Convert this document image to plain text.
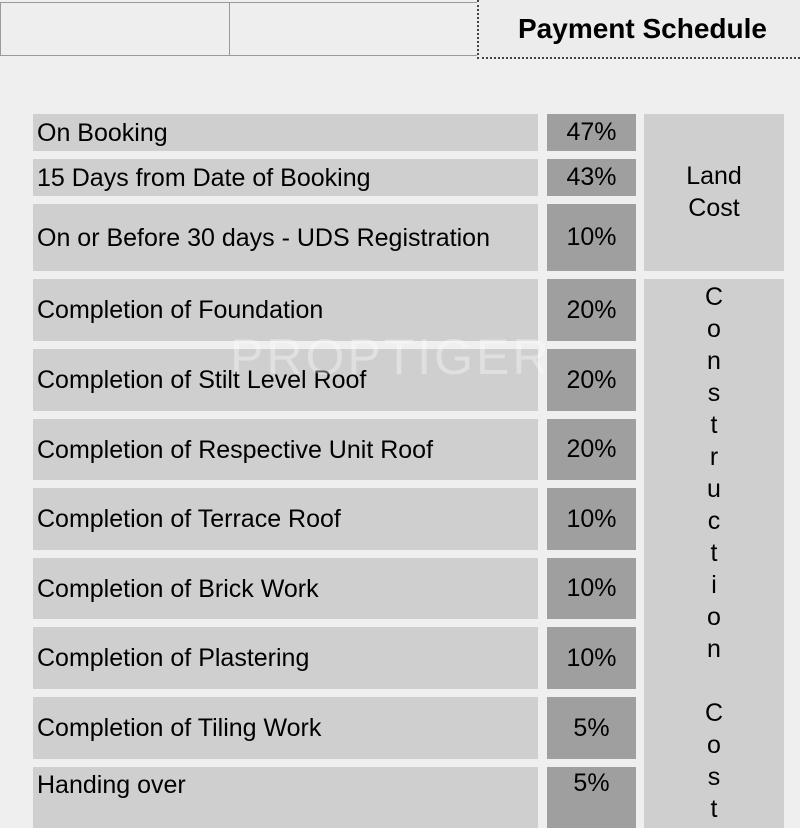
Payment Schedule
On Booking	47%
15 Days from Date of Booking	43%
On or Before 30 days - UDS Registration	10%
Completion of Foundation	20%
Completion of Stilt Level Roof	20%
Completion of Respective Unit Roof	20%
Completion of Terrace Roof	10%
Completion of Brick Work	10%
Completion of Plastering	10%
Completion of Tiling Work	5%
Handing over	5%
Land
Cost
C
o
n
s
t
r
u
c
t
i
o
n
C
o
s
t
PROPTIGER
